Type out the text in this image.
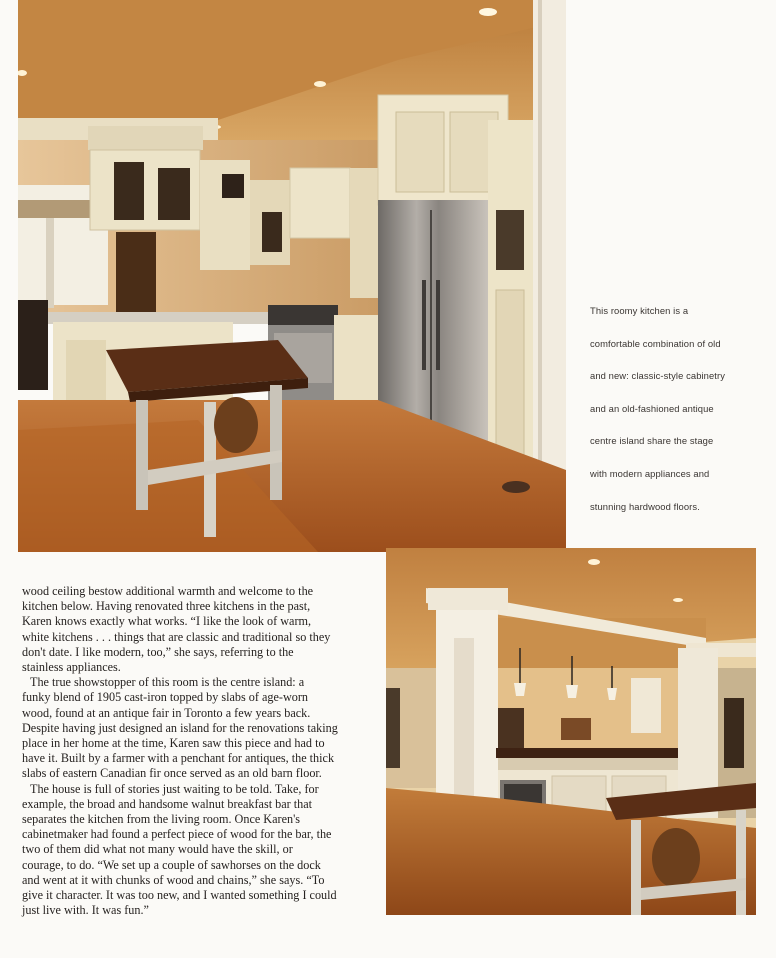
This roomy kitchen is a
comfortable combination of old
and new: classic-style cabinetry
and an old-fashioned antique
centre island share the stage
with modern appliances and
stunning hardwood floors.

wood ceiling bestow additional warmth and welcome to the
kitchen below. Having renovated three kitchens in the past,
Karen knows exactly what works. “I like the look of warm,
white kitchens . . . things that are classic and traditional so they
don't date. I like modern, too,” she says, referring to the
stainless appliances.

The true showstopper of this room is the centre island: a
funky blend of 1905 cast-iron topped by slabs of age-worn
wood, found at an antique fair in Toronto a few years back.
Despite having just designed an island for the renovations taking
place in her home at the time, Karen saw this piece and had to
have it. Built by a farmer with a penchant for antiques, the thick
slabs of eastern Canadian fir once served as an old barn floor.

The house is full of stories just waiting to be told. Take, for
example, the broad and handsome walnut breakfast bar that
separates the kitchen from the living room. Once Karen's
cabinetmaker had found a perfect piece of wood for the bar, the
two of them did what not many would have the skill, or
courage, to do. “We set up a couple of sawhorses on the dock
and went at it with chunks of wood and chains,” she says. “To
give it character. It was too new, and I wanted something I could
just live with. It was fun.”
